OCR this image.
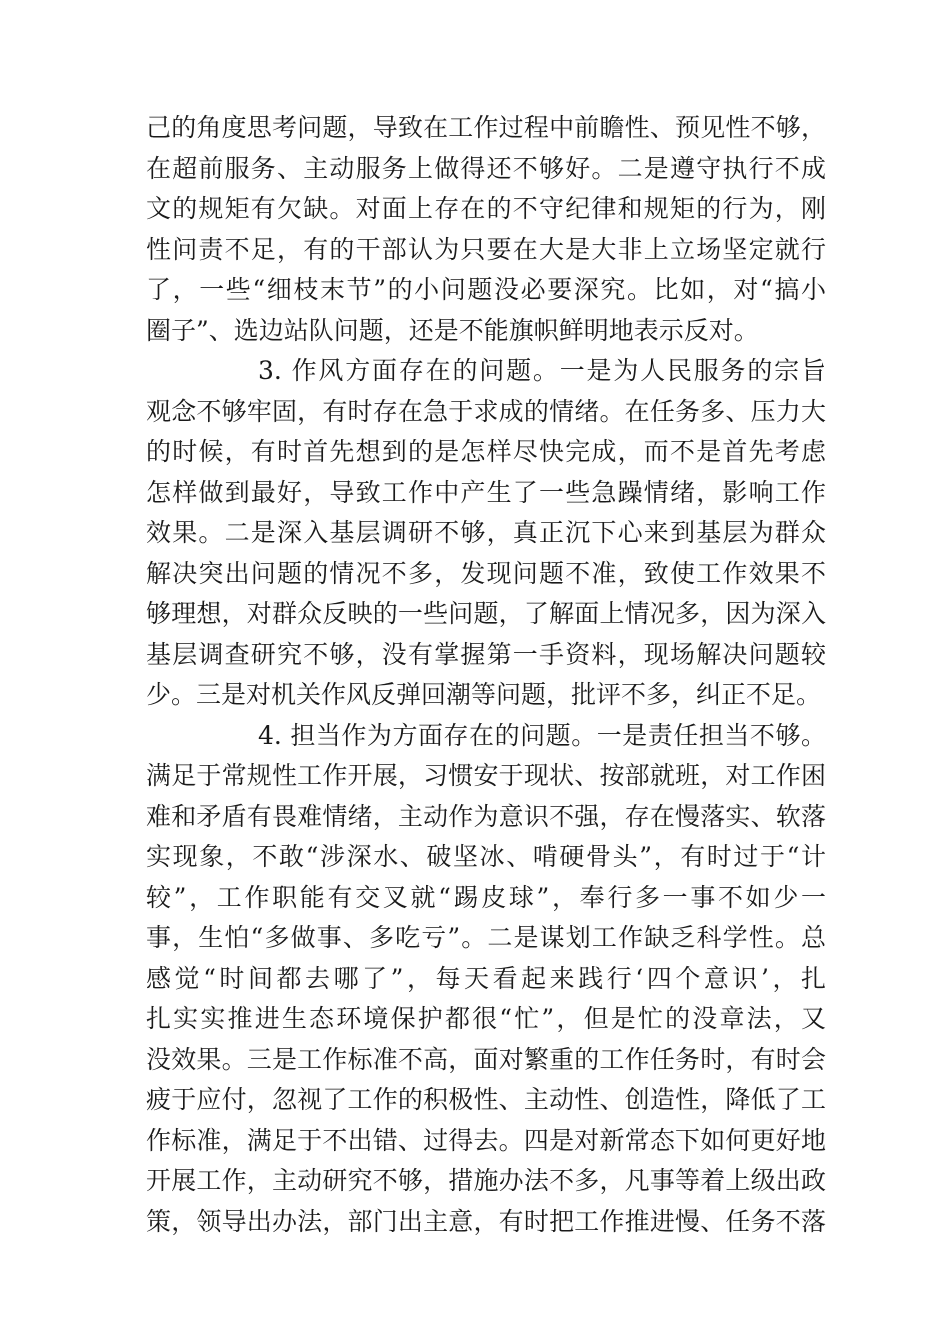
己的角度思考问题，导致在工作过程中前瞻性、预见性不够，
在超前服务、主动服务上做得还不够好。二是遵守执行不成
文的规矩有欠缺。对面上存在的不守纪律和规矩的行为，刚
性问责不足，有的干部认为只要在大是大非上立场坚定就行
了，一些“细枝末节”的小问题没必要深究。比如，对“搞小
圈子”、选边站队问题，还是不能旗帜鲜明地表示反对。
3. 作风方面存在的问题。一是为人民服务的宗旨
观念不够牢固，有时存在急于求成的情绪。在任务多、压力大
的时候，有时首先想到的是怎样尽快完成，而不是首先考虑
怎样做到最好，导致工作中产生了一些急躁情绪，影响工作
效果。二是深入基层调研不够，真正沉下心来到基层为群众
解决突出问题的情况不多，发现问题不准，致使工作效果不
够理想，对群众反映的一些问题，了解面上情况多，因为深入
基层调查研究不够，没有掌握第一手资料，现场解决问题较
少。三是对机关作风反弹回潮等问题，批评不多，纠正不足。
4. 担当作为方面存在的问题。一是责任担当不够。
满足于常规性工作开展，习惯安于现状、按部就班，对工作困
难和矛盾有畏难情绪，主动作为意识不强，存在慢落实、软落
实现象，不敢“涉深水、破坚冰、啃硬骨头”，有时过于“计
较”，工作职能有交叉就“踢皮球”，奉行多一事不如少一
事，生怕“多做事、多吃亏”。二是谋划工作缺乏科学性。总
感觉“时间都去哪了”，每天看起来践行‘四个意识’，扎
扎实实推进生态环境保护都很“忙”，但是忙的没章法，又
没效果。三是工作标准不高，面对繁重的工作任务时，有时会
疲于应付，忽视了工作的积极性、主动性、创造性，降低了工
作标准，满足于不出错、过得去。四是对新常态下如何更好地
开展工作，主动研究不够，措施办法不多，凡事等着上级出政
策，领导出办法，部门出主意，有时把工作推进慢、任务不落
